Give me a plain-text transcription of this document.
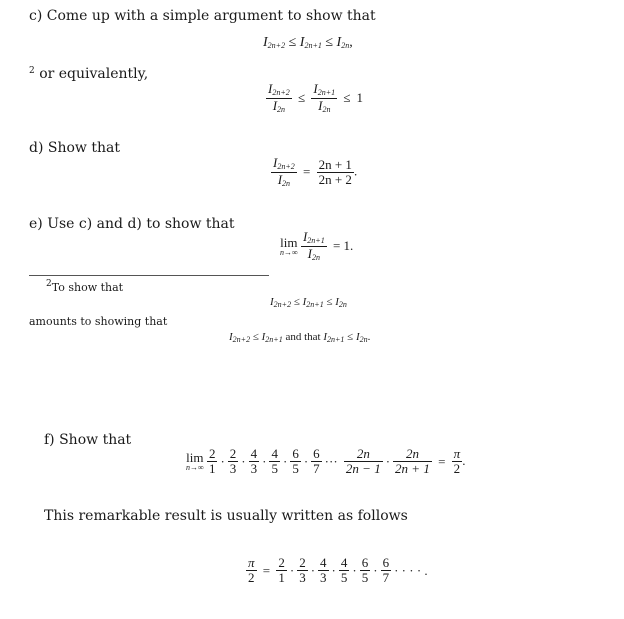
c) Come up with a simple argument to show that
$I_{2n+2} \le I_{2n+1} \le I_{2n}$,
$^2$ or equivalently,
$\frac{I_{2n+2}}{I_{2n}} \le \frac{I_{2n+1}}{I_{2n}} \le 1$
d) Show that
$\frac{I_{2n+2}}{I_{2n}} = \frac{2n + 1}{2n + 2}$ .
e) Use c) and d) to show that
lim
n→∞
$\frac{I_{2n+1}}{I_{2n}} = 1$.
$^2$To show that
$I_{2n+2} \le I_{2n+1} \le I_{2n}$
amounts to showing that
$I_{2n+2} \le I_{2n+1}$ and that $I_{2n+1} \le I_{2n}$.
f) Show that
lim
n→∞
$\frac{2}{1} \cdot \frac{2}{3} \cdot \frac{4}{3} \cdot \frac{4}{5} \cdot \frac{6}{5} \cdot \frac{6}{7}$ ··· $\frac{2n}{2n - 1} \cdot \frac{2n}{2n + 1} = \frac{\pi}{2}$ .
This remarkable result is usually written as follows
$\frac{\pi}{2} = \frac{2}{1} \cdot \frac{2}{3} \cdot \frac{4}{3} \cdot \frac{4}{5} \cdot \frac{6}{5} \cdot \frac{6}{7}$ · · · · .
